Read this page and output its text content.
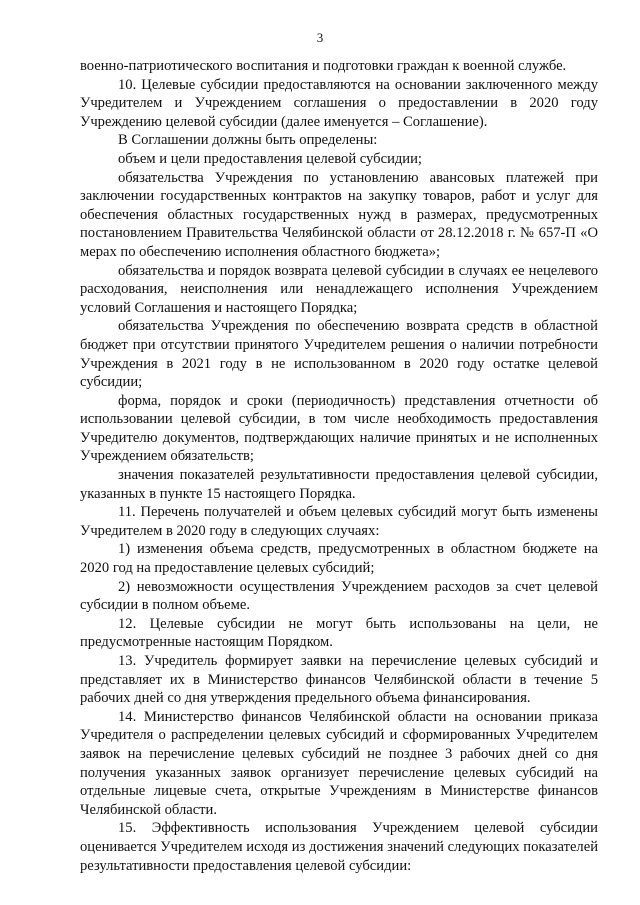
3

военно-патриотического воспитания и подготовки граждан к военной службе.

10. Целевые субсидии предоставляются на основании заключенного между Учредителем и Учреждением соглашения о предоставлении в 2020 году Учреждению целевой субсидии (далее именуется – Соглашение).

В Соглашении должны быть определены:

объем и цели предоставления целевой субсидии;

обязательства Учреждения по установлению авансовых платежей при заключении государственных контрактов на закупку товаров, работ и услуг для обеспечения областных государственных нужд в размерах, предусмотренных постановлением Правительства Челябинской области от 28.12.2018 г. № 657-П «О мерах по обеспечению исполнения областного бюджета»;

обязательства и порядок возврата целевой субсидии в случаях ее нецелевого расходования, неисполнения или ненадлежащего исполнения Учреждением условий Соглашения и настоящего Порядка;

обязательства Учреждения по обеспечению возврата средств в областной бюджет при отсутствии принятого Учредителем решения о наличии потребности Учреждения в 2021 году в не использованном в 2020 году остатке целевой субсидии;

форма, порядок и сроки (периодичность) представления отчетности об использовании целевой субсидии, в том числе необходимость предоставления Учредителю документов, подтверждающих наличие принятых и не исполненных Учреждением обязательств;

значения показателей результативности предоставления целевой субсидии, указанных в пункте 15 настоящего Порядка.

11. Перечень получателей и объем целевых субсидий могут быть изменены Учредителем в 2020 году в следующих случаях:

1) изменения объема средств, предусмотренных в областном бюджете на 2020 год на предоставление целевых субсидий;

2) невозможности осуществления Учреждением расходов за счет целевой субсидии в полном объеме.

12. Целевые субсидии не могут быть использованы на цели, не предусмотренные настоящим Порядком.

13. Учредитель формирует заявки на перечисление целевых субсидий и представляет их в Министерство финансов Челябинской области в течение 5 рабочих дней со дня утверждения предельного объема финансирования.

14. Министерство финансов Челябинской области на основании приказа Учредителя о распределении целевых субсидий и сформированных Учредителем заявок на перечисление целевых субсидий не позднее 3 рабочих дней со дня получения указанных заявок организует перечисление целевых субсидий на отдельные лицевые счета, открытые Учреждениям в Министерстве финансов Челябинской области.

15. Эффективность использования Учреждением целевой субсидии оценивается Учредителем исходя из достижения значений следующих показателей результативности предоставления целевой субсидии:
